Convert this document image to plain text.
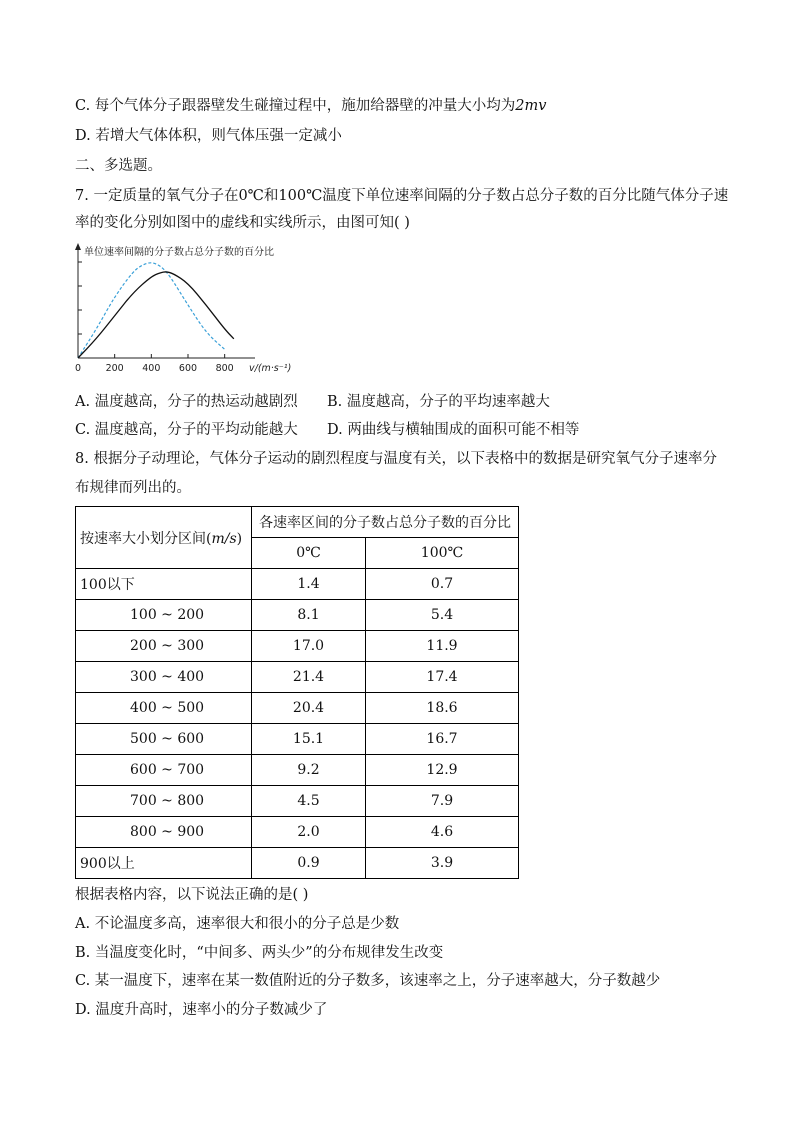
C. 每个气体分子跟器壁发生碰撞过程中，施加给器壁的冲量大小均为2mv
D. 若增大气体体积，则气体压强一定减小
二、多选题。
7. 一定质量的氧气分子在0℃和100℃温度下单位速率间隔的分子数占总分子数的百分比随气体分子速
率的变化分别如图中的虚线和实线所示，由图可知( )
单位速率间隔的分子数占总分子数的百分比
0	200 400 600 800 v/(m·s⁻¹)
A. 温度越高，分子的热运动越剧烈 B. 温度越高，分子的平均速率越大
C. 温度越高，分子的平均动能越大 D. 两曲线与横轴围成的面积可能不相等
8. 根据分子动理论，气体分子运动的剧烈程度与温度有关，以下表格中的数据是研究氧气分子速率分
布规律而列出的。
按速率大小划分区间(m/s)	各速率区间的分子数占总分子数的百分比	
	0℃	100℃
100以下	1.4	0.7
100 ~ 200	8.1	5.4
200 ~ 300	17.0	11.9
300 ~ 400	21.4	17.4
400 ~ 500	20.4	18.6
500 ~ 600	15.1	16.7
600 ~ 700	9.2	12.9
700 ~ 800	4.5	7.9
800 ~ 900	2.0	4.6
900以上	0.9	3.9
根据表格内容，以下说法正确的是( )
A. 不论温度多高，速率很大和很小的分子总是少数
B. 当温度变化时，“中间多、两头少”的分布规律发生改变
C. 某一温度下，速率在某一数值附近的分子数多，该速率之上，分子速率越大，分子数越少
D. 温度升高时，速率小的分子数减少了
